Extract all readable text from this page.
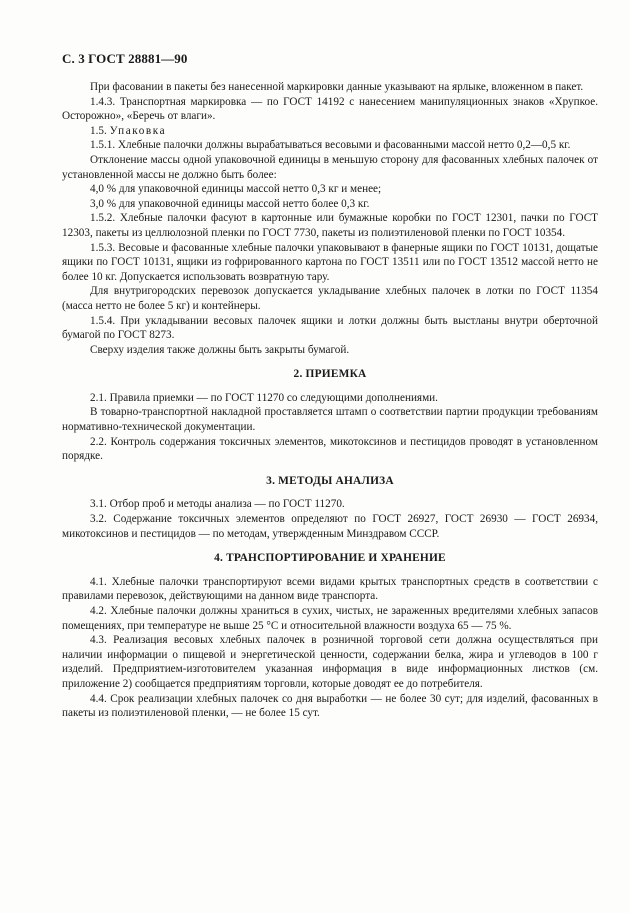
С. 3 ГОСТ 28881—90

При фасовании в пакеты без нанесенной маркировки данные указывают на ярлыке, вложенном в пакет.

1.4.3. Транспортная маркировка — по ГОСТ 14192 с нанесением манипуляционных знаков «Хрупкое. Осторожно», «Беречь от влаги».

1.5. Упаковка

1.5.1. Хлебные палочки должны вырабатываться весовыми и фасованными массой нетто 0,2—0,5 кг.

Отклонение массы одной упаковочной единицы в меньшую сторону для фасованных хлебных палочек от установленной массы не должно быть более:

4,0 % для упаковочной единицы массой нетто 0,3 кг и менее;

3,0 % для упаковочной единицы массой нетто более 0,3 кг.

1.5.2. Хлебные палочки фасуют в картонные или бумажные коробки по ГОСТ 12301, пачки по ГОСТ 12303, пакеты из целлюлозной пленки по ГОСТ 7730, пакеты из полиэтиленовой пленки по ГОСТ 10354.

1.5.3. Весовые и фасованные хлебные палочки упаковывают в фанерные ящики по ГОСТ 10131, дощатые ящики по ГОСТ 10131, ящики из гофрированного картона по ГОСТ 13511 или по ГОСТ 13512 массой нетто не более 10 кг. Допускается использовать возвратную тару.

Для внутригородских перевозок допускается укладывание хлебных палочек в лотки по ГОСТ 11354 (масса нетто не более 5 кг) и контейнеры.

1.5.4. При укладывании весовых палочек ящики и лотки должны быть выстланы внутри оберточной бумагой по ГОСТ 8273.

Сверху изделия также должны быть закрыты бумагой.

2. ПРИЕМКА

2.1. Правила приемки — по ГОСТ 11270 со следующими дополнениями.

В товарно-транспортной накладной проставляется штамп о соответствии партии продукции требованиям нормативно-технической документации.

2.2. Контроль содержания токсичных элементов, микотоксинов и пестицидов проводят в установленном порядке.

3. МЕТОДЫ АНАЛИЗА

3.1. Отбор проб и методы анализа — по ГОСТ 11270.

3.2. Содержание токсичных элементов определяют по ГОСТ 26927, ГОСТ 26930 — ГОСТ 26934, микотоксинов и пестицидов — по методам, утвержденным Минздравом СССР.

4. ТРАНСПОРТИРОВАНИЕ И ХРАНЕНИЕ

4.1. Хлебные палочки транспортируют всеми видами крытых транспортных средств в соответствии с правилами перевозок, действующими на данном виде транспорта.

4.2. Хлебные палочки должны храниться в сухих, чистых, не зараженных вредителями хлебных запасов помещениях, при температуре не выше 25 °С и относительной влажности воздуха 65 — 75 %.

4.3. Реализация весовых хлебных палочек в розничной торговой сети должна осуществляться при наличии информации о пищевой и энергетической ценности, содержании белка, жира и углеводов в 100 г изделий. Предприятием-изготовителем указанная информация в виде информационных листков (см. приложение 2) сообщается предприятиям торговли, которые доводят ее до потребителя.

4.4. Срок реализации хлебных палочек со дня выработки — не более 30 сут; для изделий, фасованных в пакеты из полиэтиленовой пленки, — не более 15 сут.
